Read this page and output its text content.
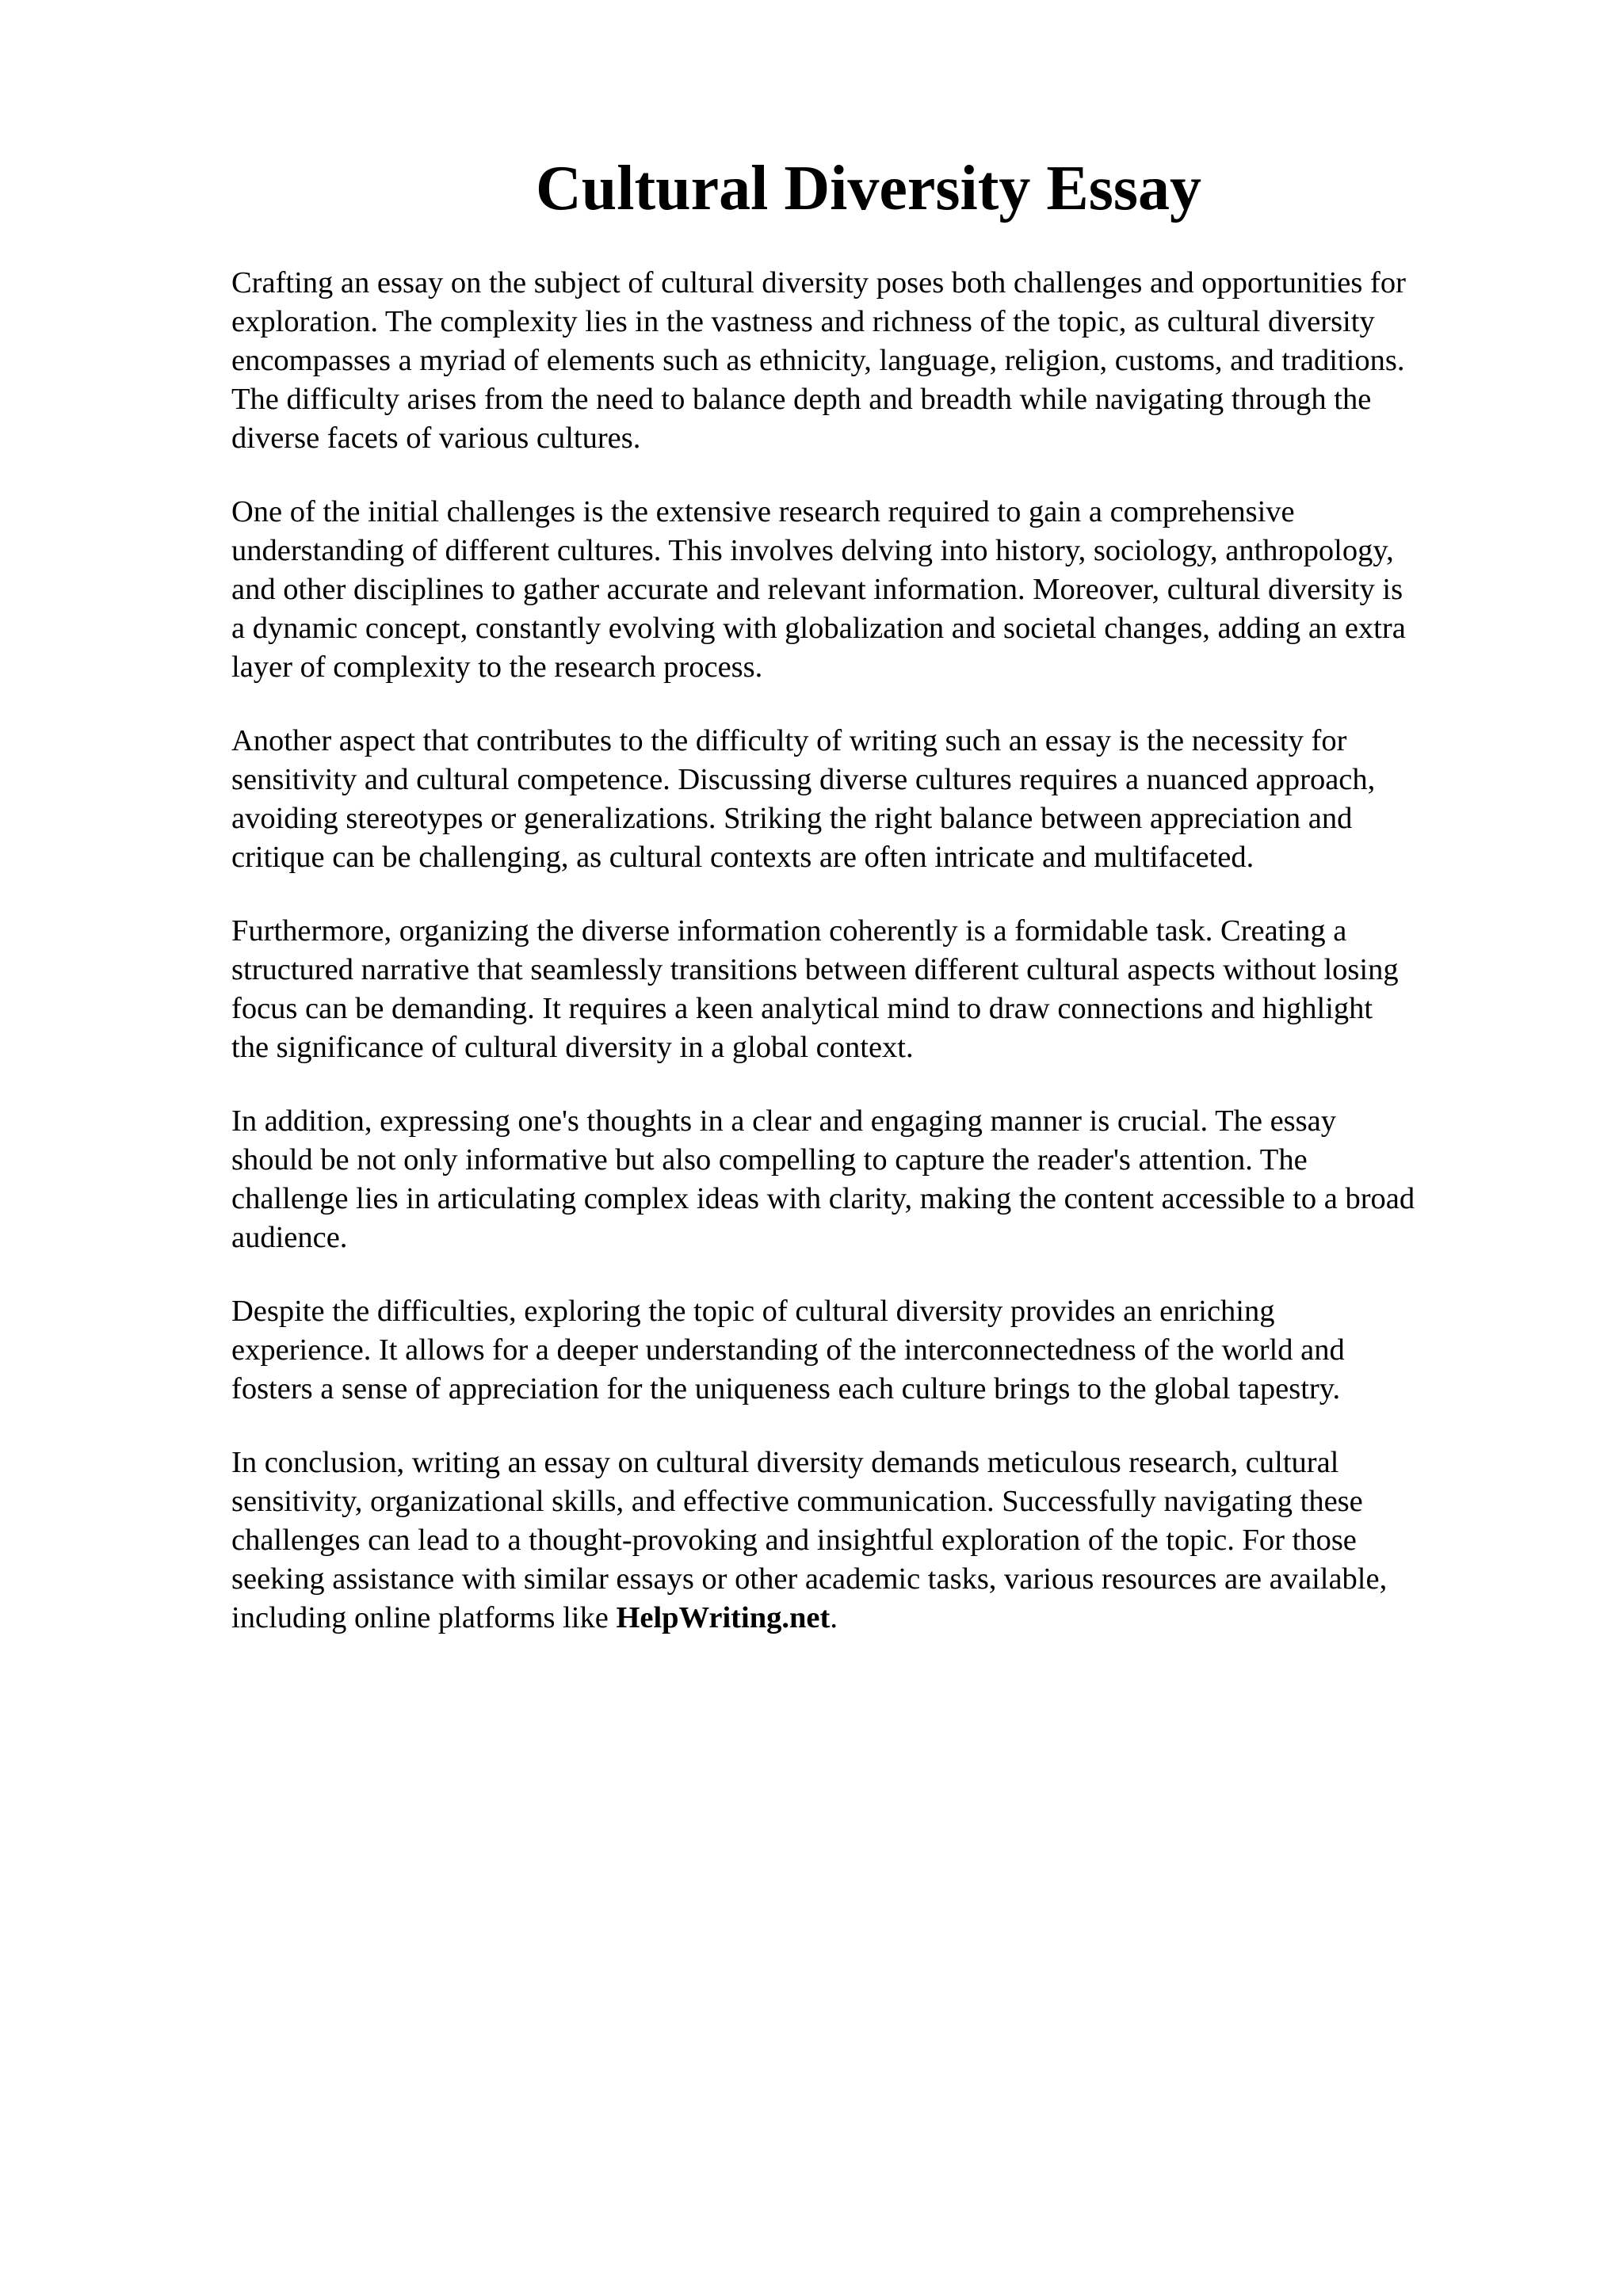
Cultural Diversity Essay

Crafting an essay on the subject of cultural diversity poses both challenges and opportunities for
exploration. The complexity lies in the vastness and richness of the topic, as cultural diversity
encompasses a myriad of elements such as ethnicity, language, religion, customs, and traditions.
The difficulty arises from the need to balance depth and breadth while navigating through the
diverse facets of various cultures.

One of the initial challenges is the extensive research required to gain a comprehensive
understanding of different cultures. This involves delving into history, sociology, anthropology,
and other disciplines to gather accurate and relevant information. Moreover, cultural diversity is
a dynamic concept, constantly evolving with globalization and societal changes, adding an extra
layer of complexity to the research process.

Another aspect that contributes to the difficulty of writing such an essay is the necessity for
sensitivity and cultural competence. Discussing diverse cultures requires a nuanced approach,
avoiding stereotypes or generalizations. Striking the right balance between appreciation and
critique can be challenging, as cultural contexts are often intricate and multifaceted.

Furthermore, organizing the diverse information coherently is a formidable task. Creating a
structured narrative that seamlessly transitions between different cultural aspects without losing
focus can be demanding. It requires a keen analytical mind to draw connections and highlight
the significance of cultural diversity in a global context.

In addition, expressing one's thoughts in a clear and engaging manner is crucial. The essay
should be not only informative but also compelling to capture the reader's attention. The
challenge lies in articulating complex ideas with clarity, making the content accessible to a broad
audience.

Despite the difficulties, exploring the topic of cultural diversity provides an enriching
experience. It allows for a deeper understanding of the interconnectedness of the world and
fosters a sense of appreciation for the uniqueness each culture brings to the global tapestry.

In conclusion, writing an essay on cultural diversity demands meticulous research, cultural
sensitivity, organizational skills, and effective communication. Successfully navigating these
challenges can lead to a thought-provoking and insightful exploration of the topic. For those
seeking assistance with similar essays or other academic tasks, various resources are available,
including online platforms like HelpWriting.net.
